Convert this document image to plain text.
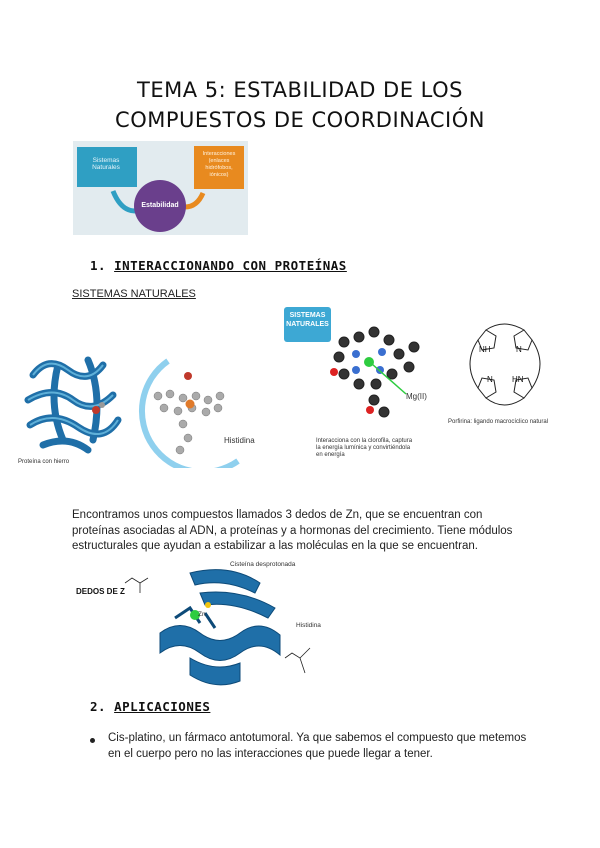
TEMA 5: ESTABILIDAD DE LOS
COMPUESTOS DE COORDINACIÓN
Sistemas Naturales
Interacciones (enlaces hidrófobos, iónicos)
Estabilidad
1. INTERACCIONANDO CON PROTEÍNAS
SISTEMAS NATURALES
Proteína con hierro
Histidina
SISTEMAS NATURALES
Mg(II)
Interacciona con la clorofila, captura la energía lumínica y convirtiéndola en energía
NH	N
N HN
Porfirina: ligando macrocíclico natural
Encontramos unos compuestos llamados 3 dedos de Zn, que se encuentran con proteínas asociadas al ADN, a proteínas y a hormonas del crecimiento. Tiene módulos estructurales que ayudan a estabilizar a las moléculas en la que se encuentran.
DEDOS DE Z
Cisteína desprotonada
Histidina
Zn
2. APLICACIONES
Cis-platino, un fármaco antotumoral. Ya que sabemos el compuesto que metemos en el cuerpo pero no las interacciones que puede llegar a tener.
